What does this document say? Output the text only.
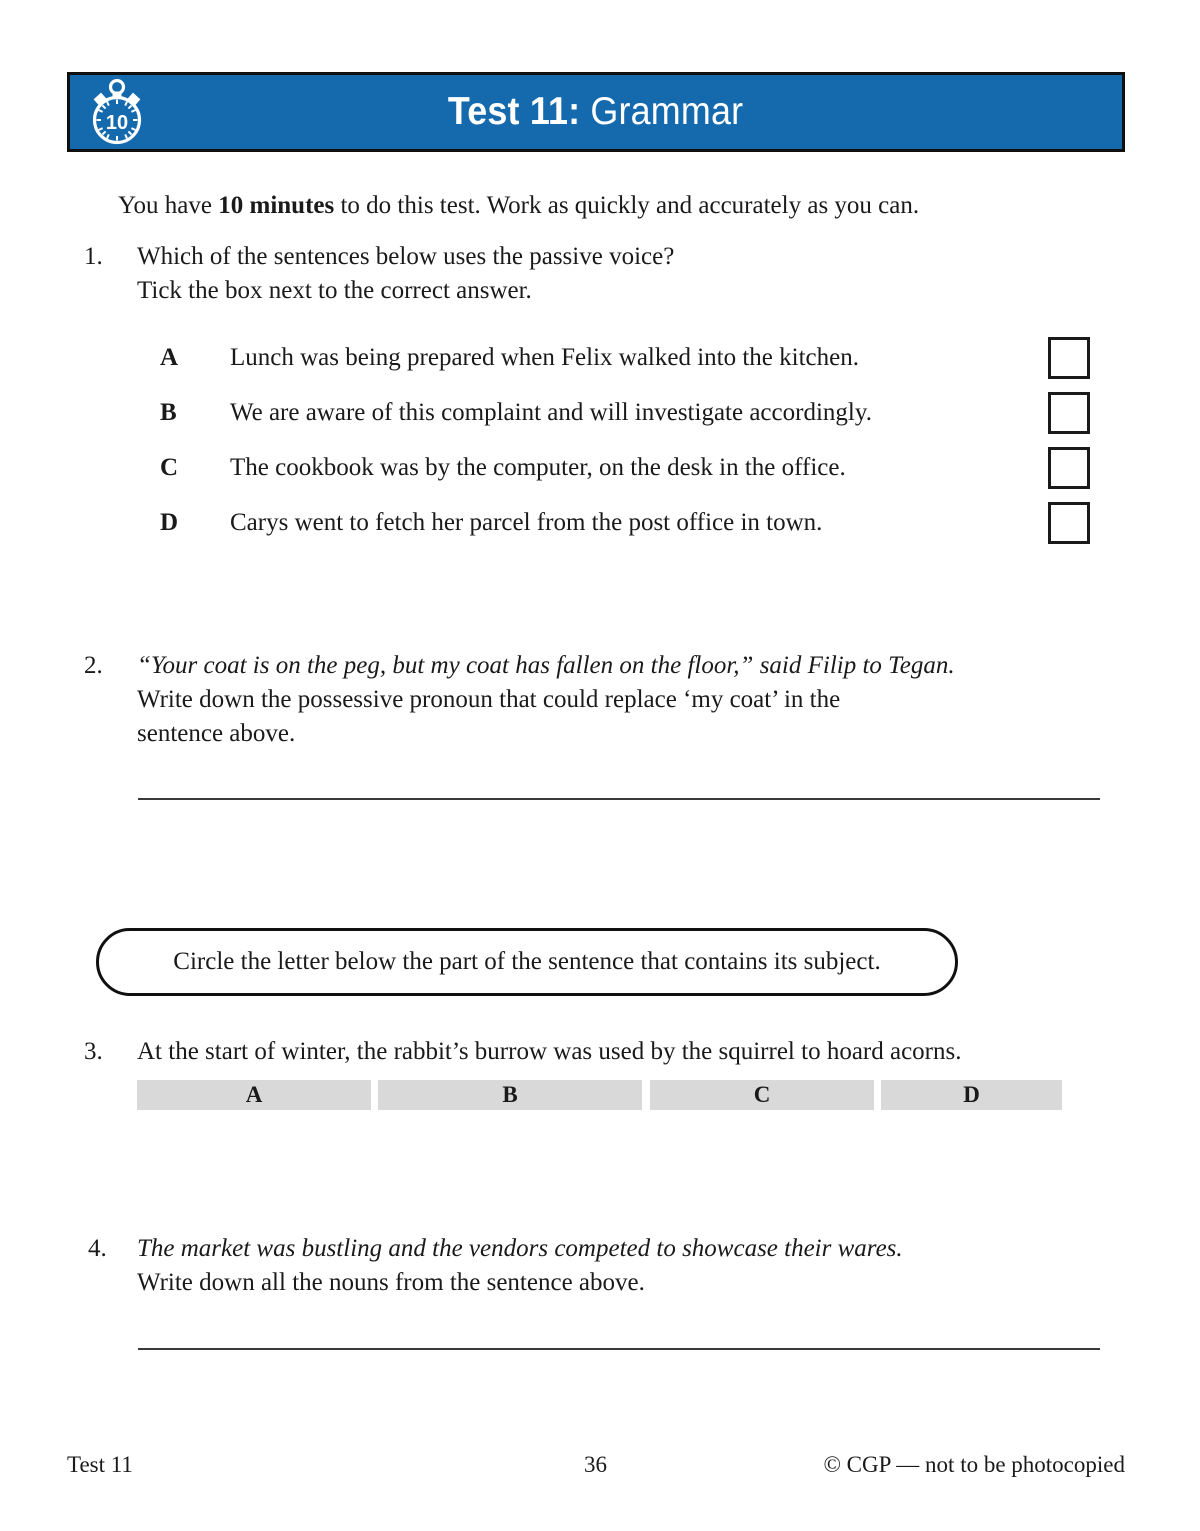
10	Test 11: Grammar
You have 10 minutes to do this test. Work as quickly and accurately as you can.
1. Which of the sentences below uses the passive voice?
Tick the box next to the correct answer.
A	Lunch was being prepared when Felix walked into the kitchen.
B	We are aware of this complaint and will investigate accordingly.
C	The cookbook was by the computer, on the desk in the office.
D	Carys went to fetch her parcel from the post office in town.
2. “Your coat is on the peg, but my coat has fallen on the floor,” said Filip to Tegan.
Write down the possessive pronoun that could replace ‘my coat’ in the
sentence above.
Circle the letter below the part of the sentence that contains its subject.
3. At the start of winter, the rabbit’s burrow was used by the squirrel to hoard acorns.
A	B	C	D
4. The market was bustling and the vendors competed to showcase their wares.
Write down all the nouns from the sentence above.
Test 11	36	© CGP — not to be photocopied
